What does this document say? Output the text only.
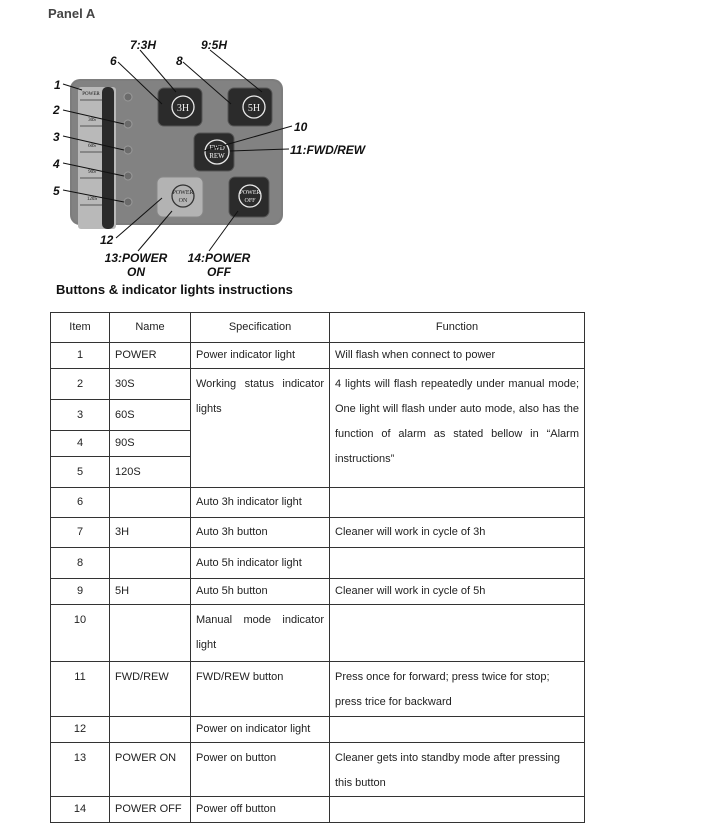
Panel A
POWER
30S
60S
90S
120S
3H	5H
FWD
REW
POWER
ON
POWER
OFF
1
2
3
4
5
6
7:3H
8
9:5H
10
11:FWD/REW
12
13:POWER
ON
14:POWER
OFF
Buttons & indicator lights instructions
Item	Name	Specification	Function
1	POWER	Power indicator light	Will flash when connect to power
2	30S	Working status indicator lights	4 lights will flash repeatedly under manual mode; One light will flash under auto mode, also has the function of alarm as stated bellow in “Alarm instructions”
3	60S		
4	90S		
5	120S		
6		Auto 3h indicator light	
7	3H	Auto 3h button	Cleaner will work in cycle of 3h
8		Auto 5h indicator light	
9	5H	Auto 5h button	Cleaner will work in cycle of 5h
10		Manual mode indicator light	
11	FWD/REW	FWD/REW button	Press once for forward; press twice for stop; press trice for backward
12		Power on indicator light	
13	POWER ON	Power on button	Cleaner gets into standby mode after pressing this button
14	POWER OFF	Power off button	
